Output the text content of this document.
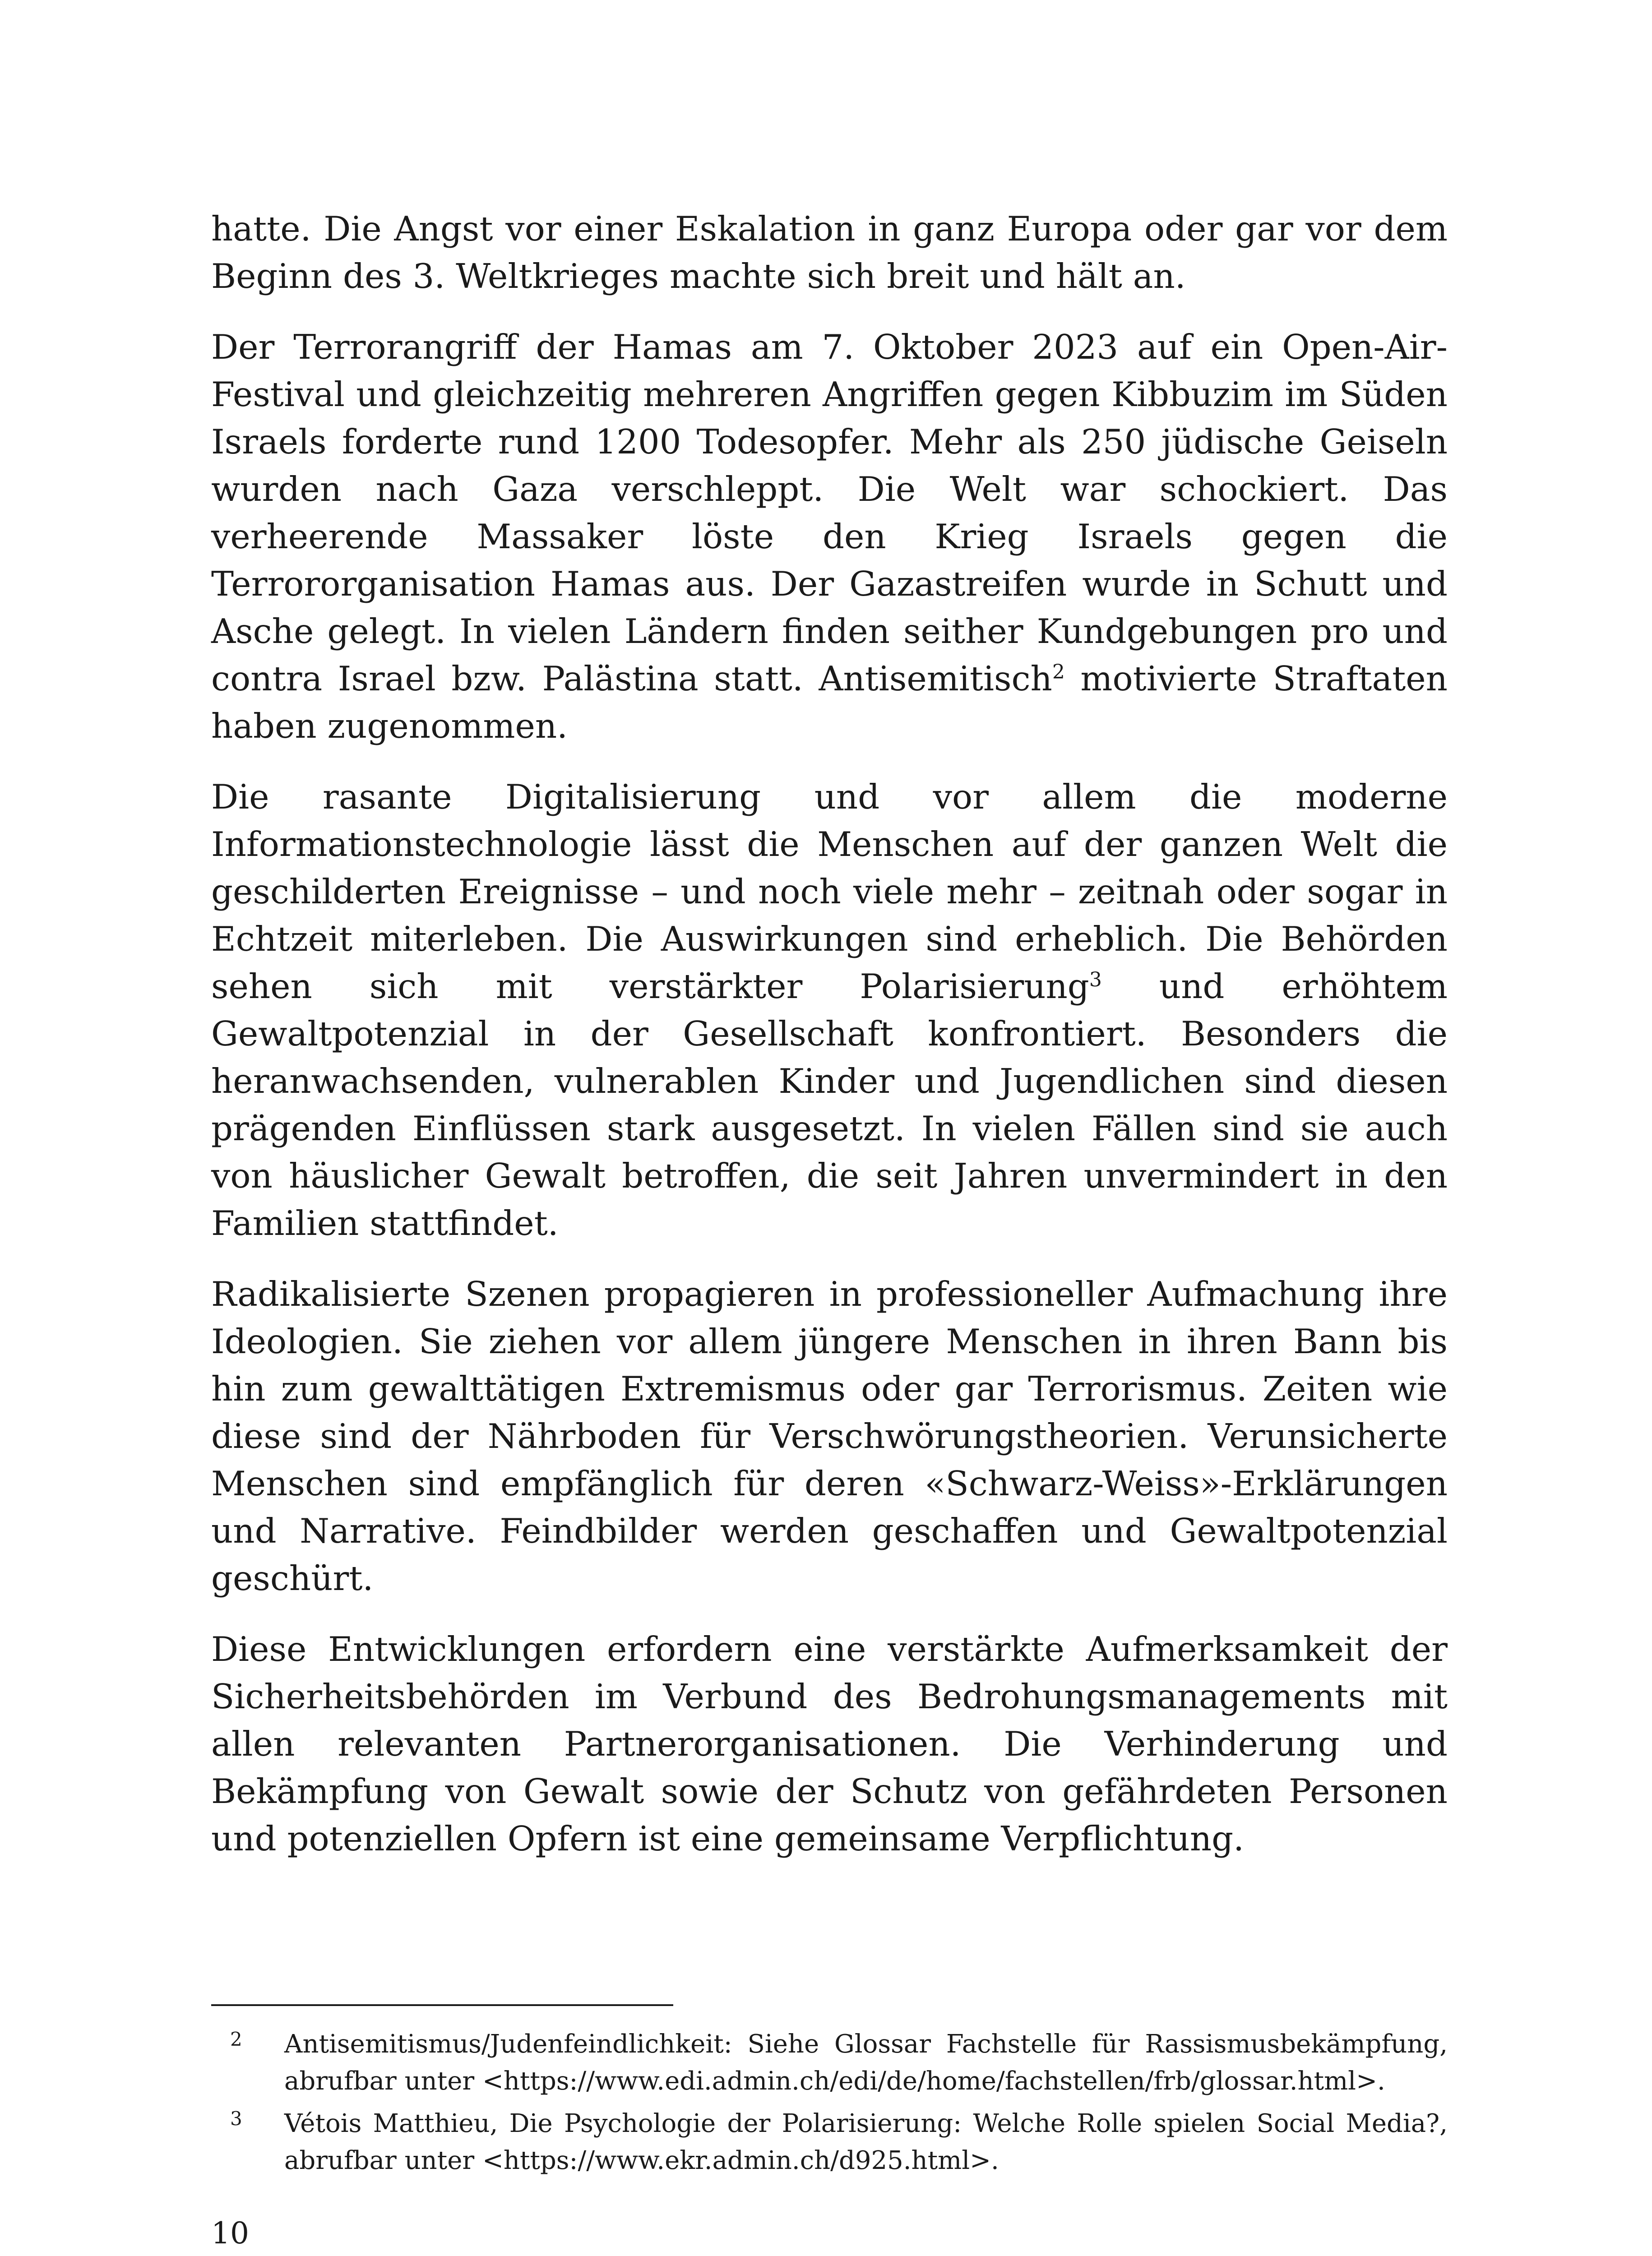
hatte. Die Angst vor einer Eskalation in ganz Europa oder gar vor dem Beginn des 3. Weltkrieges machte sich breit und hält an.

Der Terrorangriff der Hamas am 7. Oktober 2023 auf ein Open-Air-Festival und gleichzeitig mehreren Angriffen gegen Kibbuzim im Süden Israels forderte rund 1200 Todesopfer. Mehr als 250 jüdische Geiseln wurden nach Gaza verschleppt. Die Welt war schockiert. Das verheerende Massaker löste den Krieg Israels gegen die Terrororganisation Hamas aus. Der Gazastreifen wurde in Schutt und Asche gelegt. In vielen Ländern finden seither Kundgebungen pro und contra Israel bzw. Palästina statt. Antisemitisch$^2$ motivierte Straftaten haben zugenommen.

Die rasante Digitalisierung und vor allem die moderne Informationstechnologie lässt die Menschen auf der ganzen Welt die geschilderten Ereignisse – und noch viele mehr – zeitnah oder sogar in Echtzeit miterleben. Die Auswirkungen sind erheblich. Die Behörden sehen sich mit verstärkter Polarisierung$^3$ und erhöhtem Gewaltpotenzial in der Gesellschaft konfrontiert. Besonders die heranwachsenden, vulnerablen Kinder und Jugendlichen sind diesen prägenden Einflüssen stark ausgesetzt. In vielen Fällen sind sie auch von häuslicher Gewalt betroffen, die seit Jahren unvermindert in den Familien stattfindet.

Radikalisierte Szenen propagieren in professioneller Aufmachung ihre Ideologien. Sie ziehen vor allem jüngere Menschen in ihren Bann bis hin zum gewalttätigen Extremismus oder gar Terrorismus. Zeiten wie diese sind der Nährboden für Verschwörungstheorien. Verunsicherte Menschen sind empfänglich für deren «Schwarz-Weiss»-Erklärungen und Narrative. Feindbilder werden geschaffen und Gewaltpotenzial geschürt.

Diese Entwicklungen erfordern eine verstärkte Aufmerksamkeit der Sicherheitsbehörden im Verbund des Bedrohungsmanagements mit allen relevanten Partnerorganisationen. Die Verhinderung und Bekämpfung von Gewalt sowie der Schutz von gefährdeten Personen und potenziellen Opfern ist eine gemeinsame Verpflichtung.

2	Antisemitismus/Judenfeindlichkeit: Siehe Glossar Fachstelle für Rassismusbekämpfung, abrufbar unter <https://www.edi.admin.ch/edi/de/home/fachstellen/frb/glossar.html>.
3	Vétois Matthieu, Die Psychologie der Polarisierung: Welche Rolle spielen Social Media?, abrufbar unter <https://www.ekr.admin.ch/d925.html>.
10
